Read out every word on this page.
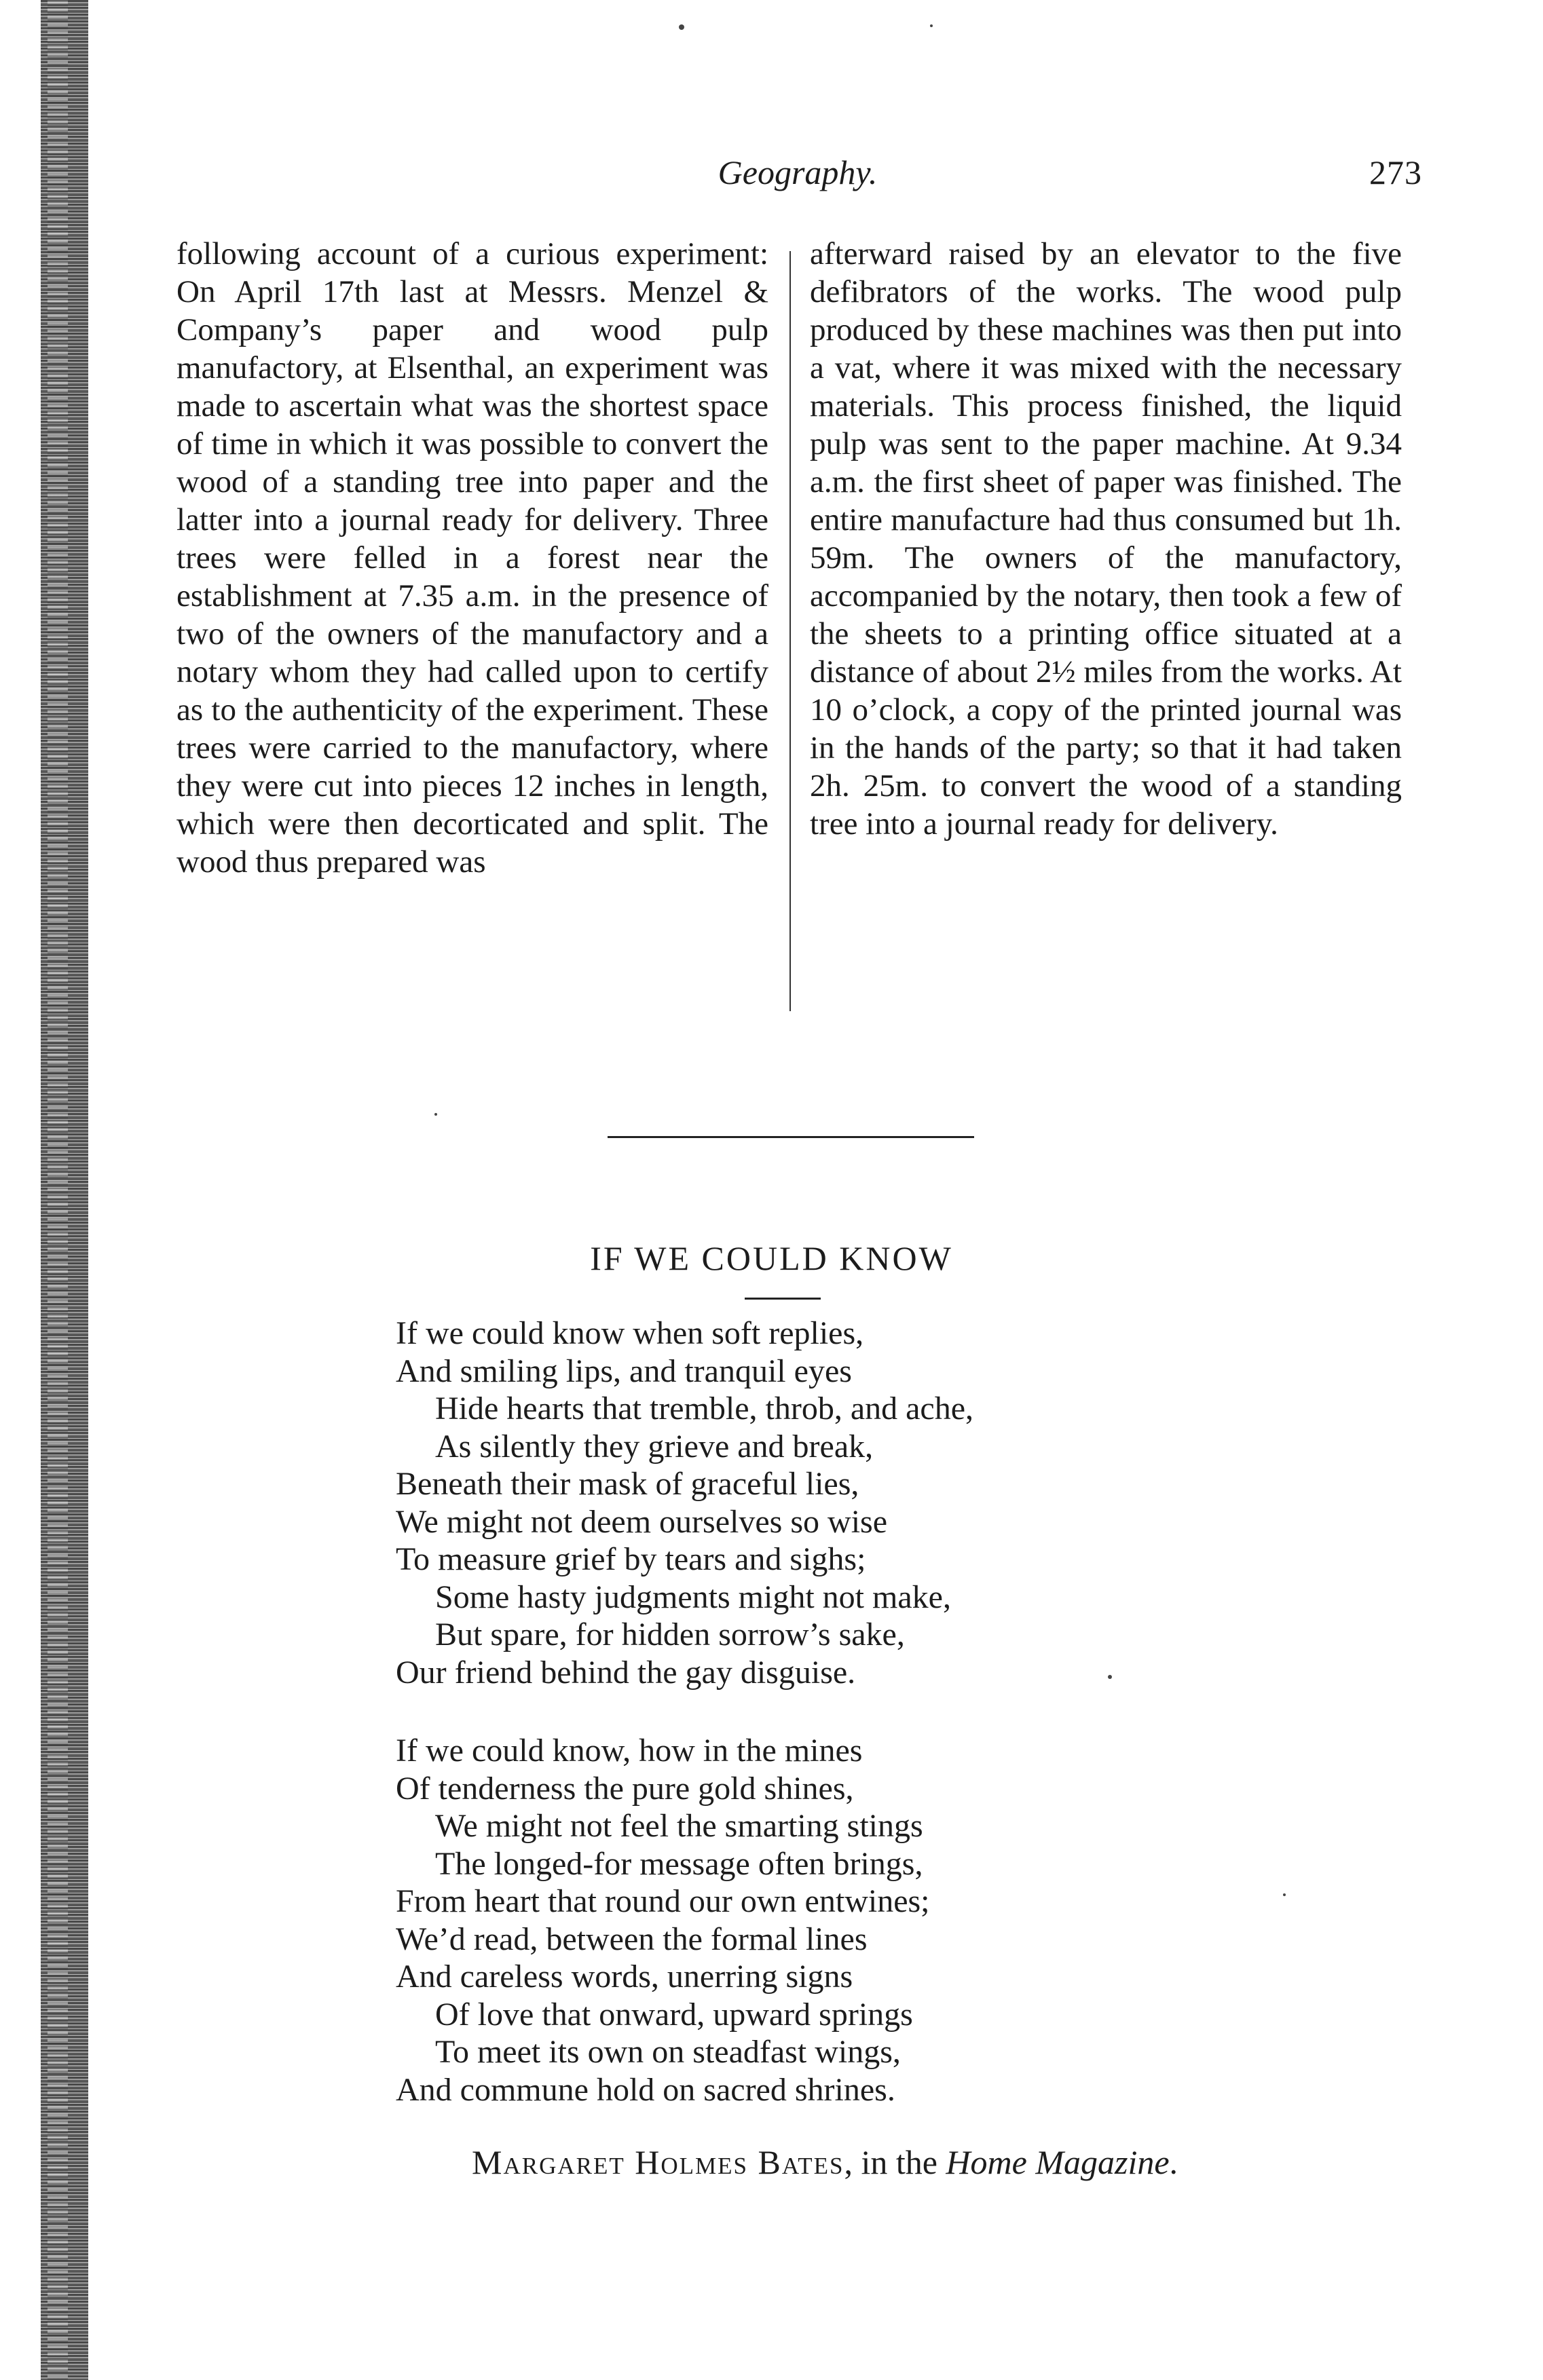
Geography.	273
following account of a curious experiment: On April 17th last at Messrs. Menzel & Company’s paper and wood pulp manufactory, at Elsenthal, an experiment was made to ascertain what was the shortest space of time in which it was possible to convert the wood of a standing tree into paper and the latter into a journal ready for delivery. Three trees were felled in a forest near the establishment at 7.35 a.m. in the presence of two of the owners of the manufactory and a notary whom they had called upon to certify as to the authenticity of the experiment. These trees were carried to the manufactory, where they were cut into pieces 12 inches in length, which were then decorticated and split. The wood thus prepared was
afterward raised by an elevator to the five defibrators of the works. The wood pulp produced by these machines was then put into a vat, where it was mixed with the necessary materials. This process finished, the liquid pulp was sent to the paper machine. At 9.34 a.m. the first sheet of paper was finished. The entire manufacture had thus consumed but 1h. 59m. The owners of the manufactory, accompanied by the notary, then took a few of the sheets to a printing office situated at a distance of about 2½ miles from the works. At 10 o’clock, a copy of the printed journal was in the hands of the party; so that it had taken 2h. 25m. to convert the wood of a standing tree into a journal ready for delivery.
IF WE COULD KNOW
If we could know when soft replies,
And smiling lips, and tranquil eyes
Hide hearts that tremble, throb, and ache,
As silently they grieve and break,
Beneath their mask of graceful lies,
We might not deem ourselves so wise
To measure grief by tears and sighs;
Some hasty judgments might not make,
But spare, for hidden sorrow’s sake,
Our friend behind the gay disguise.
If we could know, how in the mines
Of tenderness the pure gold shines,
We might not feel the smarting stings
The longed-for message often brings,
From heart that round our own entwines;
We’d read, between the formal lines
And careless words, unerring signs
Of love that onward, upward springs
To meet its own on steadfast wings,
And commune hold on sacred shrines.
Margaret Holmes Bates, in the Home Magazine.
